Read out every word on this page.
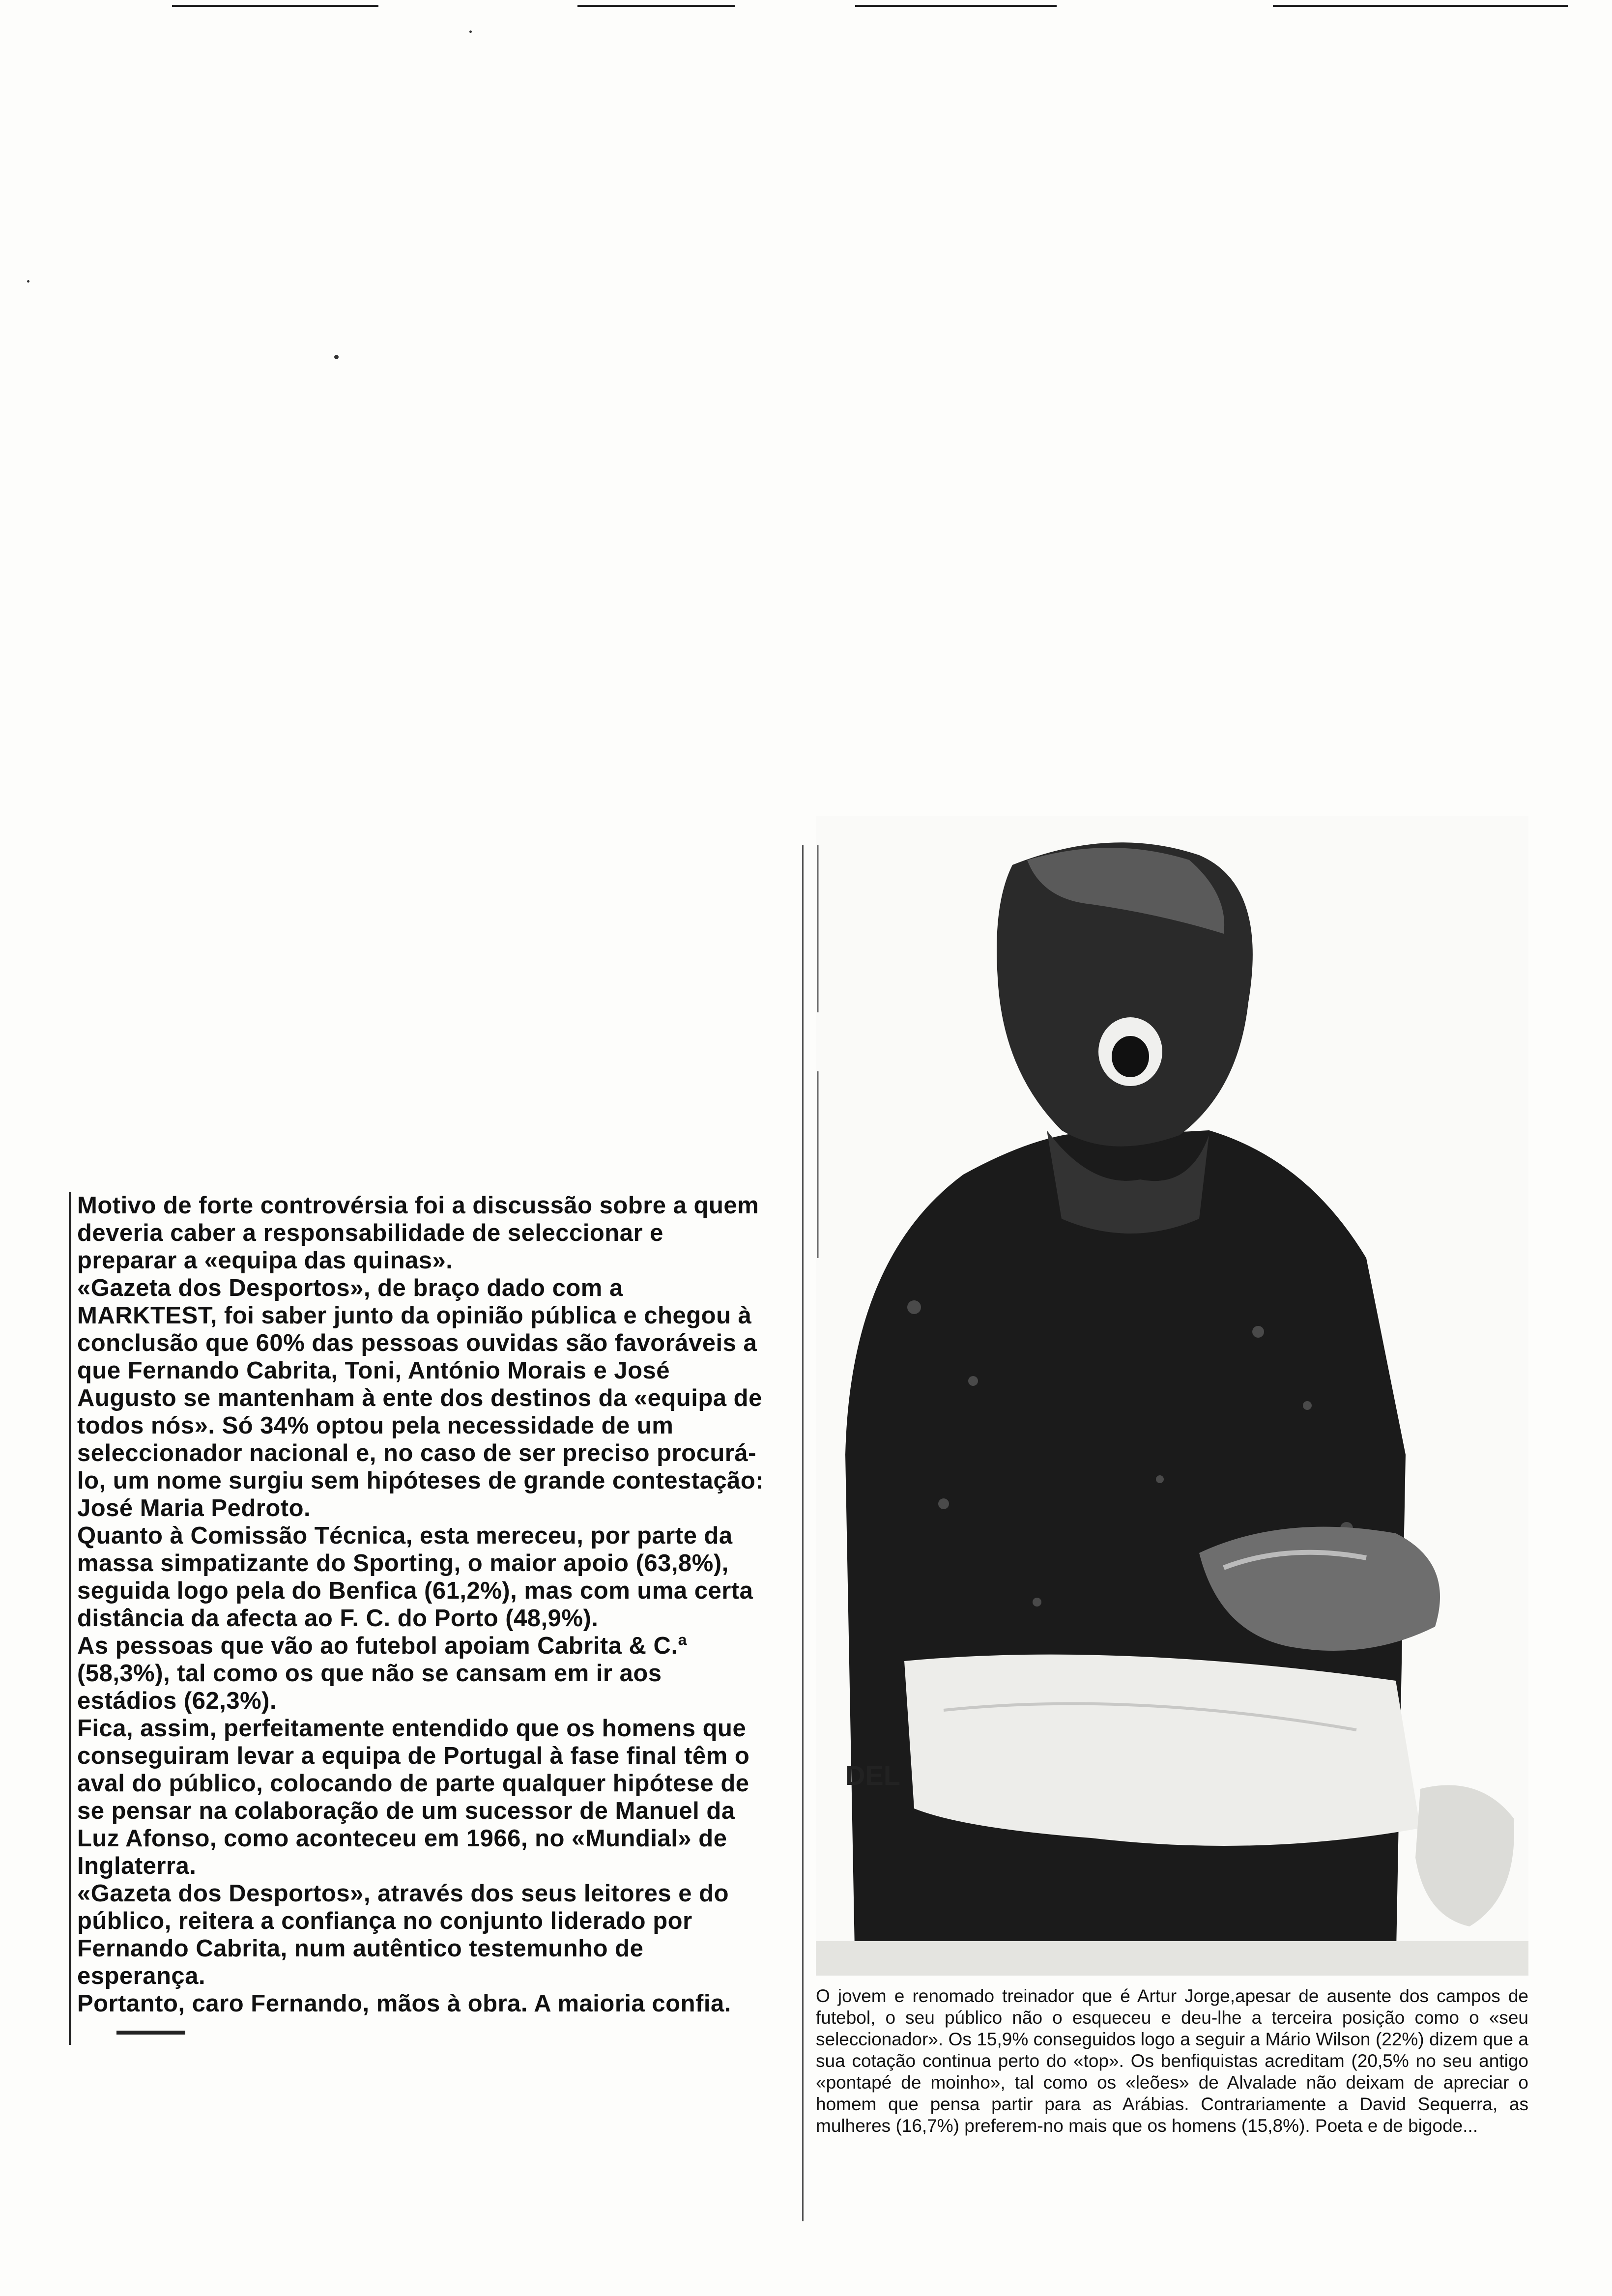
Motivo de forte controvérsia foi a discussão sobre a quem deveria caber a responsabilidade de seleccionar e preparar a «equipa das quinas».

«Gazeta dos Desportos», de braço dado com a MARKTEST, foi saber junto da opinião pública e chegou à conclusão que 60% das pessoas ouvidas são favoráveis a que Fernando Cabrita, Toni, António Morais e José Augusto se mantenham à ente dos destinos da «equipa de todos nós». Só 34% optou pela necessidade de um seleccionador nacional e, no caso de ser preciso procurá-lo, um nome surgiu sem hipóteses de grande contestação: José Maria Pedroto.

Quanto à Comissão Técnica, esta mereceu, por parte da massa simpatizante do Sporting, o maior apoio (63,8%), seguida logo pela do Benfica (61,2%), mas com uma certa distância da afecta ao F. C. do Porto (48,9%).

As pessoas que vão ao futebol apoiam Cabrita & C.ª (58,3%), tal como os que não se cansam em ir aos estádios (62,3%).

Fica, assim, perfeitamente entendido que os homens que conseguiram levar a equipa de Portugal à fase final têm o aval do público, colocando de parte qualquer hipótese de se pensar na colaboração de um sucessor de Manuel da Luz Afonso, como aconteceu em 1966, no «Mundial» de Inglaterra.

«Gazeta dos Desportos», através dos seus leitores e do público, reitera a confiança no conjunto liderado por Fernando Cabrita, num autêntico testemunho de esperança.

Portanto, caro Fernando, mãos à obra. A maioria confia.

DEL

O jovem e renomado treinador que é Artur Jorge,apesar de ausente dos campos de futebol, o seu público não o esqueceu e deu-lhe a terceira posição como o «seu seleccionador». Os 15,9% conseguidos logo a seguir a Mário Wilson (22%) dizem que a sua cotação continua perto do «top». Os benfiquistas acreditam (20,5% no seu antigo «pontapé de moinho», tal como os «leões» de Alvalade não deixam de apreciar o homem que pensa partir para as Arábias. Contrariamente a David Sequerra, as mulheres (16,7%) preferem-no mais que os homens (15,8%). Poeta e de bigode...
